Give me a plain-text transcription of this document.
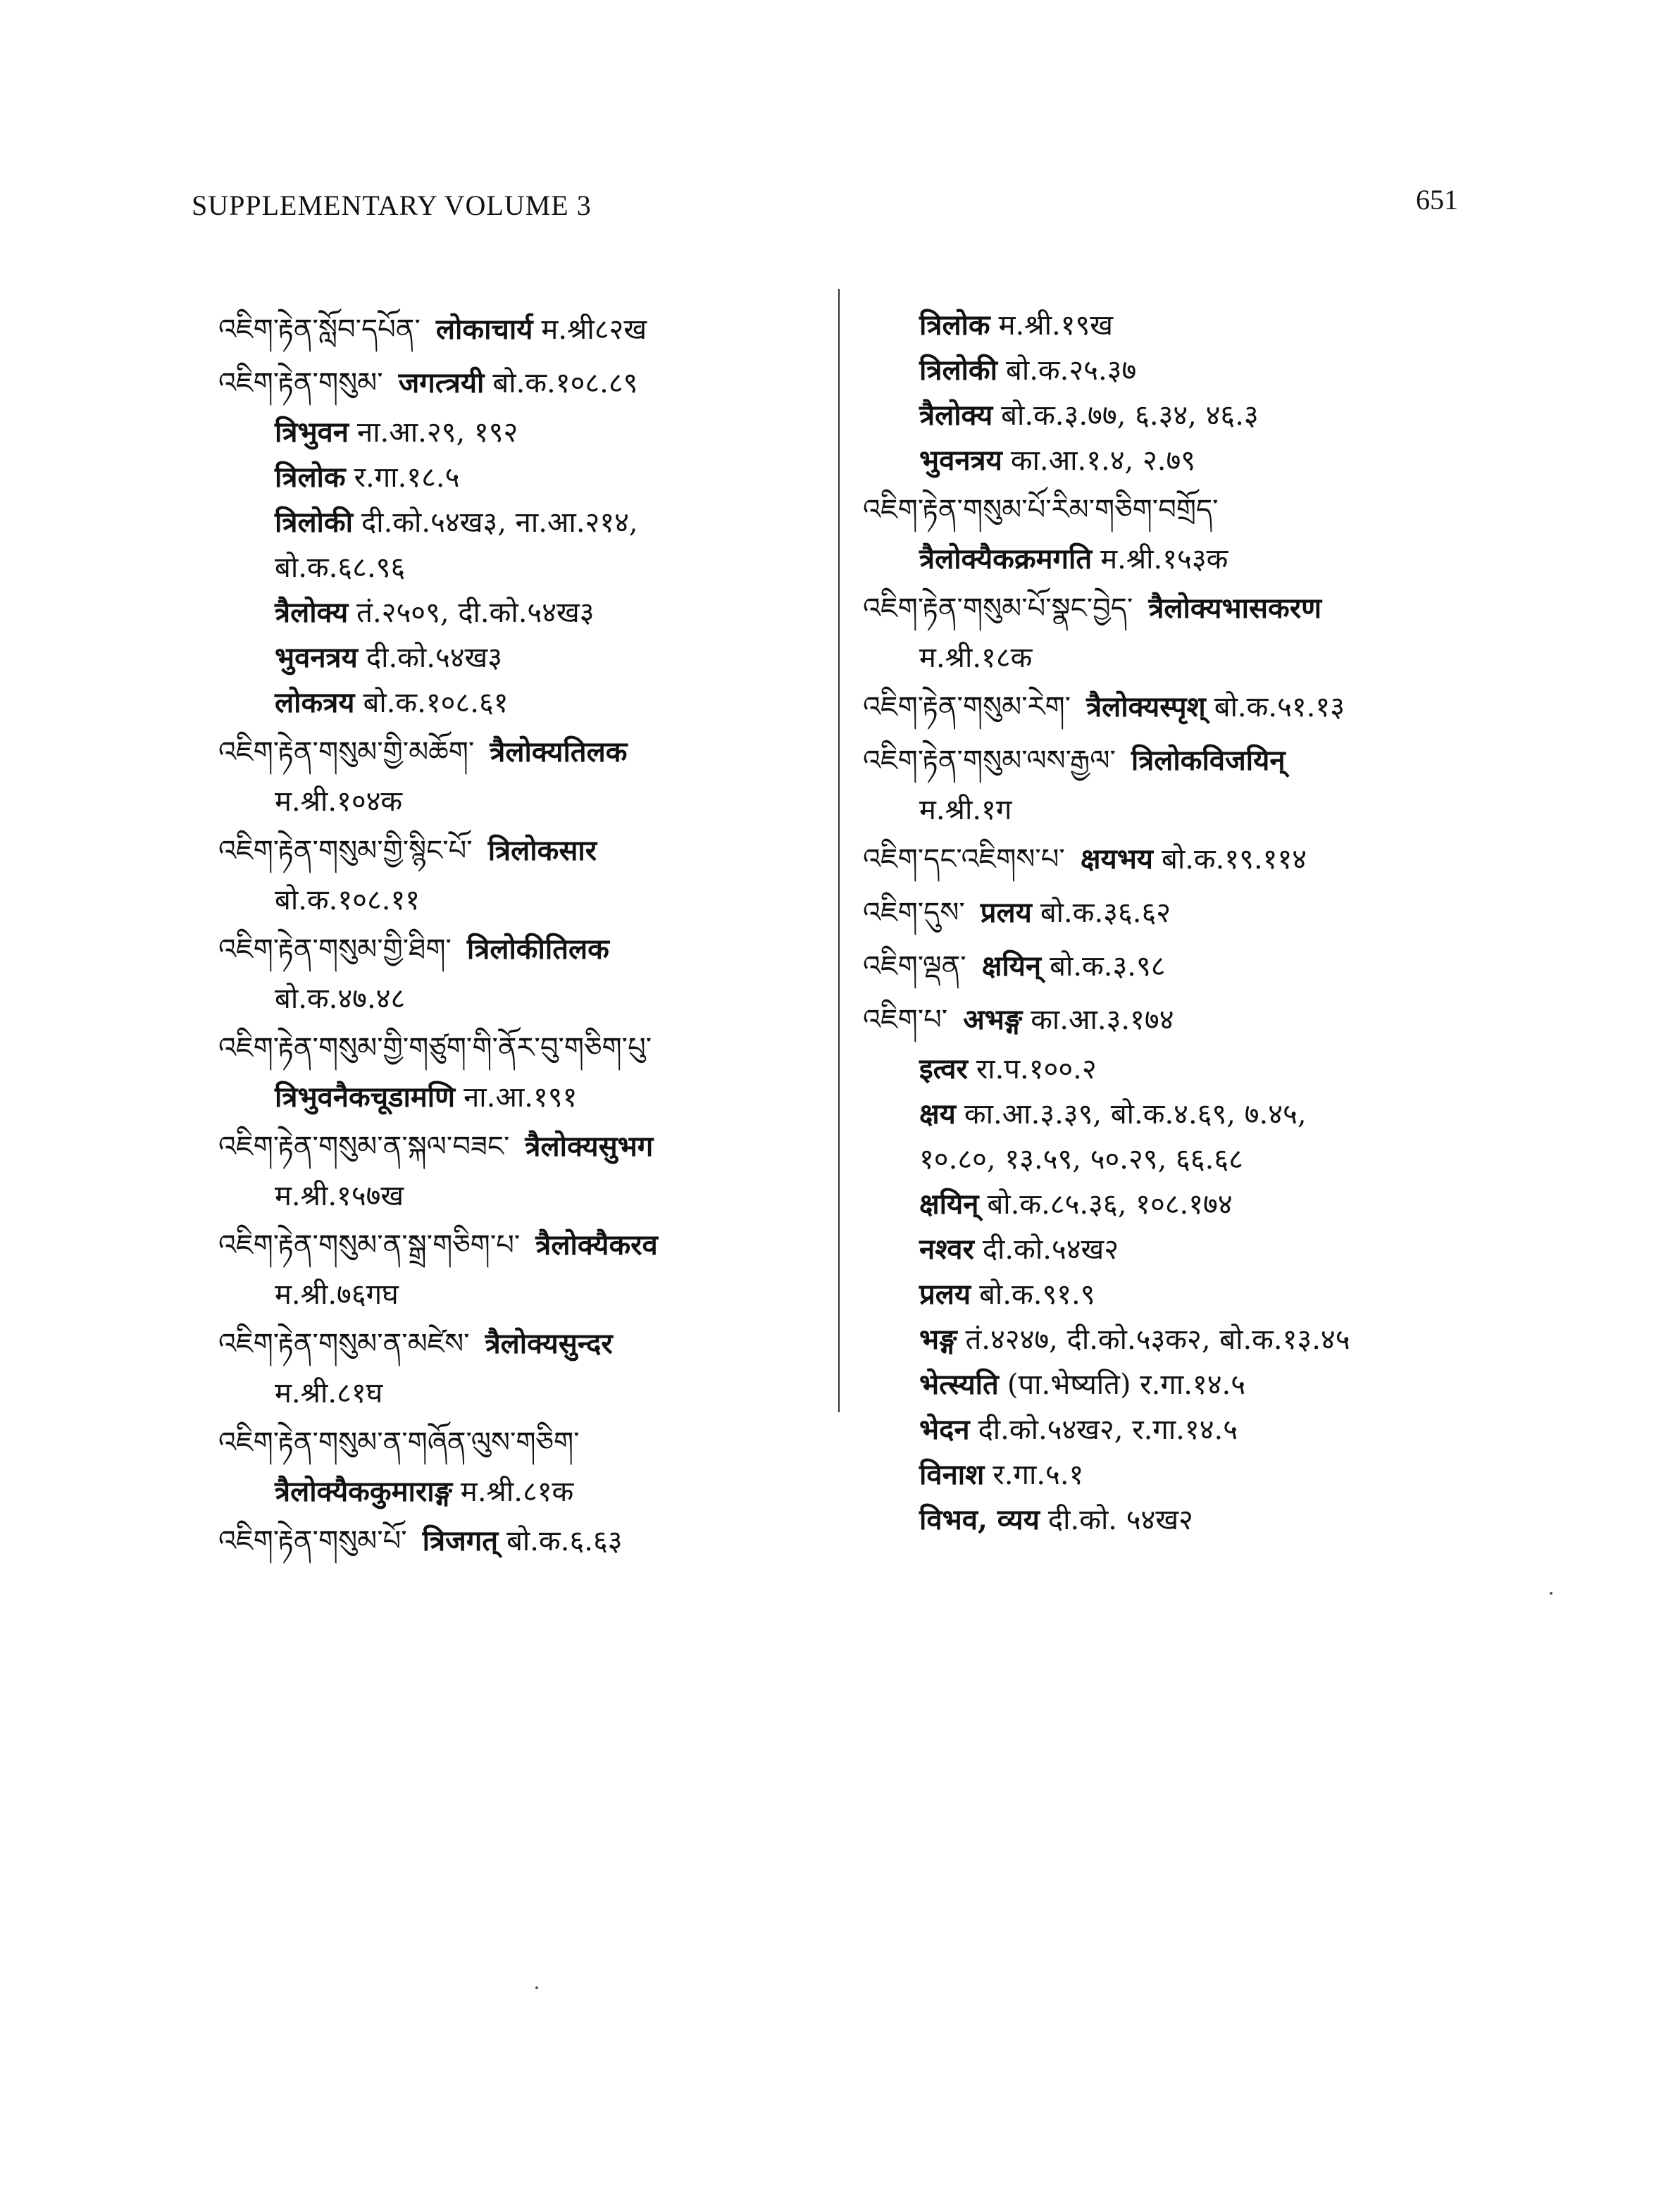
SUPPLEMENTARY VOLUME 3	651
འཇིག་རྟེན་སློབ་དཔོན་ लोकाचार्य म.श्री८२ख
འཇིག་རྟེན་གསུམ་ जगत्त्रयी बो.क.१०८.८९
त्रिभुवन ना.आ.२९, १९२
त्रिलोक र.गा.१८.५
त्रिलोकी दी.को.५४ख३, ना.आ.२१४,
बो.क.६८.९६
त्रैलोक्य तं.२५०९, दी.को.५४ख३
भुवनत्रय दी.को.५४ख३
लोकत्रय बो.क.१०८.६१
འཇིག་རྟེན་གསུམ་གྱི་མཆོག་ त्रैलोक्यतिलक
म.श्री.१०४क
འཇིག་རྟེན་གསུམ་གྱི་སྙིང་པོ་ त्रिलोकसार
बो.क.१०८.११
འཇིག་རྟེན་གསུམ་གྱི་ཐིག་ त्रिलोकीतिलक
बो.क.४७.४८
འཇིག་རྟེན་གསུམ་གྱི་གཙུག་གི་ནོར་བུ་གཅིག་པུ་
त्रिभुवनैकचूडामणि ना.आ.१९१
འཇིག་རྟེན་གསུམ་ན་སྐལ་བཟང་ त्रैलोक्यसुभग
म.श्री.१५७ख
འཇིག་རྟེན་གསུམ་ན་སྒྲ་གཅིག་པ་ त्रैलोक्यैकरव
म.श्री.७६गघ
འཇིག་རྟེན་གསུམ་ན་མཛེས་ त्रैलोक्यसुन्दर
म.श्री.८१घ
འཇིག་རྟེན་གསུམ་ན་གཞོན་ལུས་གཅིག་
त्रैलोक्यैककुमाराङ्ग म.श्री.८१क
འཇིག་རྟེན་གསུམ་པོ་ त्रिजगत् बो.क.६.६३
त्रिलोक म.श्री.१९ख
त्रिलोकी बो.क.२५.३७
त्रैलोक्य बो.क.३.७७, ६.३४, ४६.३
भुवनत्रय का.आ.१.४, २.७९
འཇིག་རྟེན་གསུམ་པོ་རིམ་གཅིག་བགྲོད་
त्रैलोक्यैकक्रमगति म.श्री.१५३क
འཇིག་རྟེན་གསུམ་པོ་སྣང་བྱེད་ त्रैलोक्यभासकरण
म.श्री.१८क
འཇིག་རྟེན་གསུམ་རེག་ त्रैलोक्यस्पृश् बो.क.५१.१३
འཇིག་རྟེན་གསུམ་ལས་རྒྱལ་ त्रिलोकविजयिन्
म.श्री.१ग
འཇིག་དང་འཇིགས་པ་ क्षयभय बो.क.१९.११४
འཇིག་དུས་ प्रलय बो.क.३६.६२
འཇིག་ལྡན་ क्षयिन् बो.क.३.९८
འཇིག་པ་ अभङ्ग का.आ.३.१७४
इत्वर रा.प.१००.२
क्षय का.आ.३.३९, बो.क.४.६९, ७.४५,
१०.८०, १३.५९, ५०.२९, ६६.६८
क्षयिन् बो.क.८५.३६, १०८.१७४
नश्वर दी.को.५४ख२
प्रलय बो.क.९१.९
भङ्ग तं.४२४७, दी.को.५३क२, बो.क.१३.४५
भेत्स्यति (पा.भेष्यति) र.गा.१४.५
भेदन दी.को.५४ख२, र.गा.१४.५
विनाश र.गा.५.१
विभव, व्यय दी.को. ५४ख२
